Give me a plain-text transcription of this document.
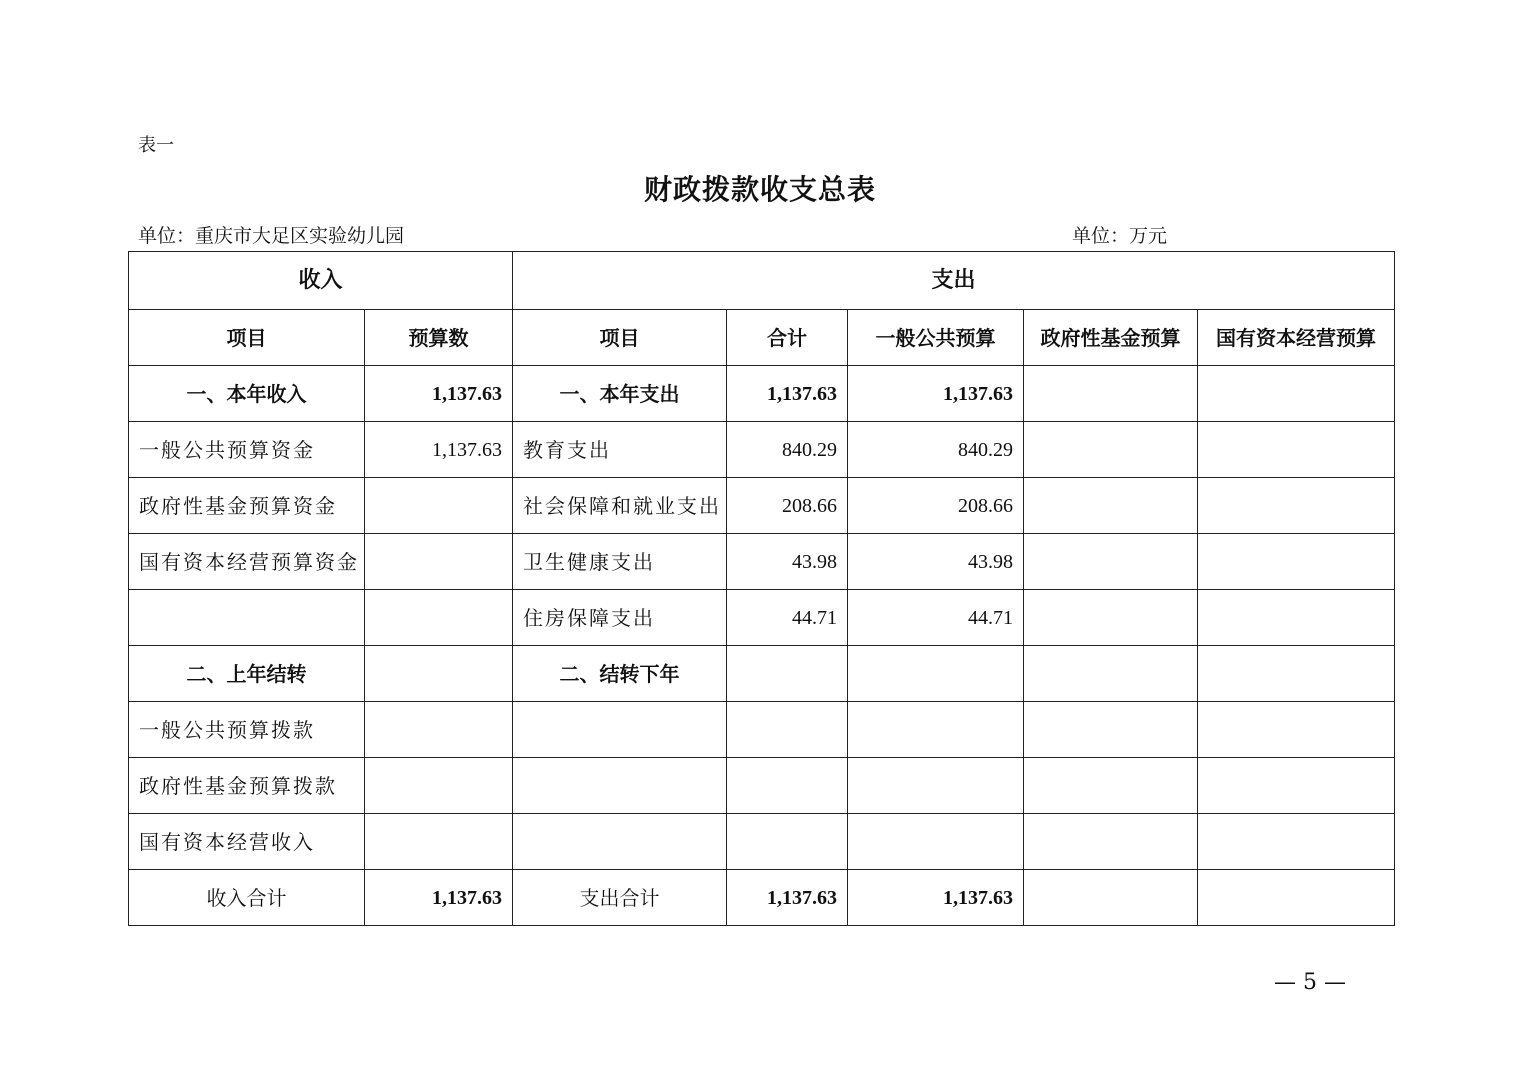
表一
财政拨款收支总表
单位：重庆市大足区实验幼儿园	单位：万元
收入		支出				
项目	预算数	项目	合计	一般公共预算	政府性基金预算	国有资本经营预算
一、本年收入	1,137.63	一、本年支出	1,137.63	1,137.63		
一般公共预算资金	1,137.63	教育支出	840.29	840.29		
政府性基金预算资金		社会保障和就业支出	208.66	208.66		
国有资本经营预算资金		卫生健康支出	43.98	43.98		
		住房保障支出	44.71	44.71		
二、上年结转		二、结转下年				
一般公共预算拨款						
政府性基金预算拨款						
国有资本经营收入						
收入合计	1,137.63	支出合计	1,137.63	1,137.63		
— 5 —
